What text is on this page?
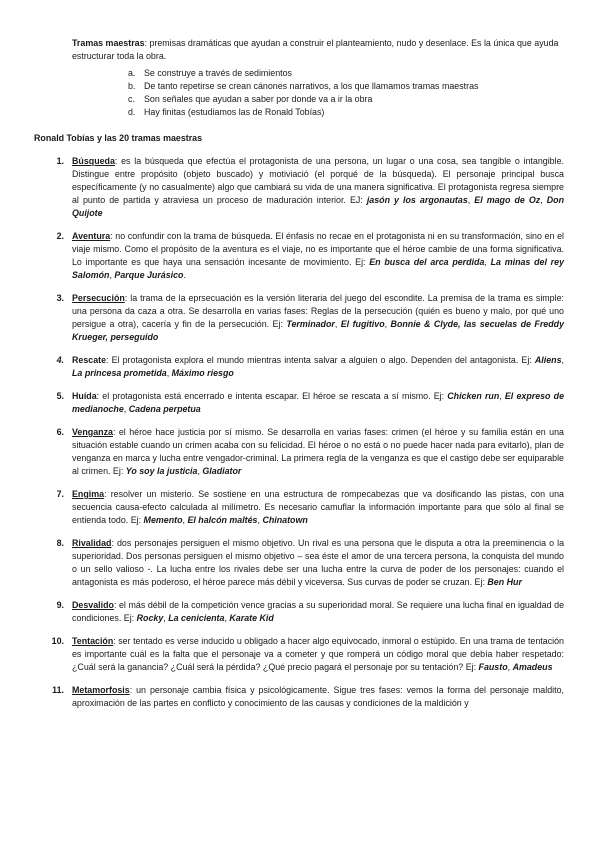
Tramas maestras: premisas dramáticas que ayudan a construir el planteamiento, nudo y desenlace. Es la única que ayuda estructurar toda la obra.
a. Se construye a través de sedimientos
b. De tanto repetirse se crean cánones narrativos, a los que llamamos tramas maestras
c.	Son señales que ayudan a saber por donde va a ir la obra
d. Hay finitas (estudiamos las de Ronald Tobías)
Ronald Tobías y las 20 tramas maestras
1. Búsqueda: es la búsqueda que efectúa el protagonista de una persona, un lugar o una cosa, sea tangible o intangible. Distingue entre propósito (objeto buscado) y motiviació (el porqué de la búsqueda). El personaje principal busca específicamente (y no casualmente) algo que cambiará su vida de una manera significativa. El protagonista regresa siempre al punto de partida y atraviesa un proceso de maduración interior. EJ: jasón y los argonautas, El mago de Oz, Don Quijote
2. Aventura: no confundir con la trama de búsqueda. El énfasis no recae en el protagonista ni en su transformación, sino en el viaje mismo. Como el propósito de la aventura es el viaje, no es importante que el héroe cambie de una forma significativa. Lo importante es que haya una sensación incesante de movimiento. Ej: En busca del arca perdida, La minas del rey Salomón, Parque Jurásico.
3. Persecución: la trama de la eprsecuación es la versión literaria del juego del escondite. La premisa de la trama es simple: una persona da caza a otra. Se desarrolla en varias fases: Reglas de la persecución (quién es bueno y malo, por qué uno persigue a otra), cacería y fin de la persecución. Ej: Terminador, El fugitivo, Bonnie & Clyde, las secuelas de Freddy Krueger, perseguido
4. Rescate: El protagonista explora el mundo mientras intenta salvar a alguien o algo. Dependen del antagonista. Ej: Aliens, La princesa prometida, Máximo riesgo
5. Huída: el protagonista está encerrado e intenta escapar. El héroe se rescata a sí mismo. Ej: Chicken run, El expreso de medianoche, Cadena perpetua
6. Venganza: el héroe hace justicia por sí mismo. Se desarrolla en varias fases: crimen (el héroe y su familia están en una situación estable cuando un crimen acaba con su felicidad. El héroe o no está o no puede hacer nada para evitarlo), plan de venganza en marca y lucha entre vengador-criminal. La primera regla de la venganza es que el castigo debe ser equiparable al crimen. Ej: Yo soy la justicia, Gladiator
7. Engima: resolver un misterio. Se sostiene en una estructura de rompecabezas que va dosificando las pistas, con una secuencia causa-efecto calculada al milímetro. Es necesario camuflar la información importante para que sólo al final se entienda todo. Ej: Memento, El halcón maltés, Chinatown
8. Rivalidad: dos personajes persiguen el mismo objetivo. Un rival es una persona que le disputa a otra la preeminencia o la superioridad. Dos personas persiguen el mismo objetivo – sea éste el amor de una tercera persona, la conquista del mundo o un sello valioso -. La lucha entre los rivales debe ser una lucha entre la curva de poder de los personajes: cuando el antagonista es más poderoso, el héroe parece más débil y viceversa. Sus curvas de poder se cruzan. Ej: Ben Hur
9. Desvalido: el más débil de la competición vence gracias a su superioridad moral. Se requiere una lucha final en igualdad de condiciones. Ej: Rocky, La cenicienta, Karate Kid
10. Tentación: ser tentado es verse inducido u obligado a hacer algo equivocado, inmoral o estúpido. En una trama de tentación es importante cuál es la falta que el personaje va a cometer y que romperá un código moral que debía haber respetado: ¿Cuál será la ganancia? ¿Cuál será la pérdida? ¿Qué precio pagará el personaje por su tentación? Ej: Fausto, Amadeus
11. Metamorfosis: un personaje cambia física y psicológicamente. Sigue tres fases: vemos la forma del personaje maldito, aproximación de las partes en conflicto y conocimiento de las causas y condiciones de la maldición y
